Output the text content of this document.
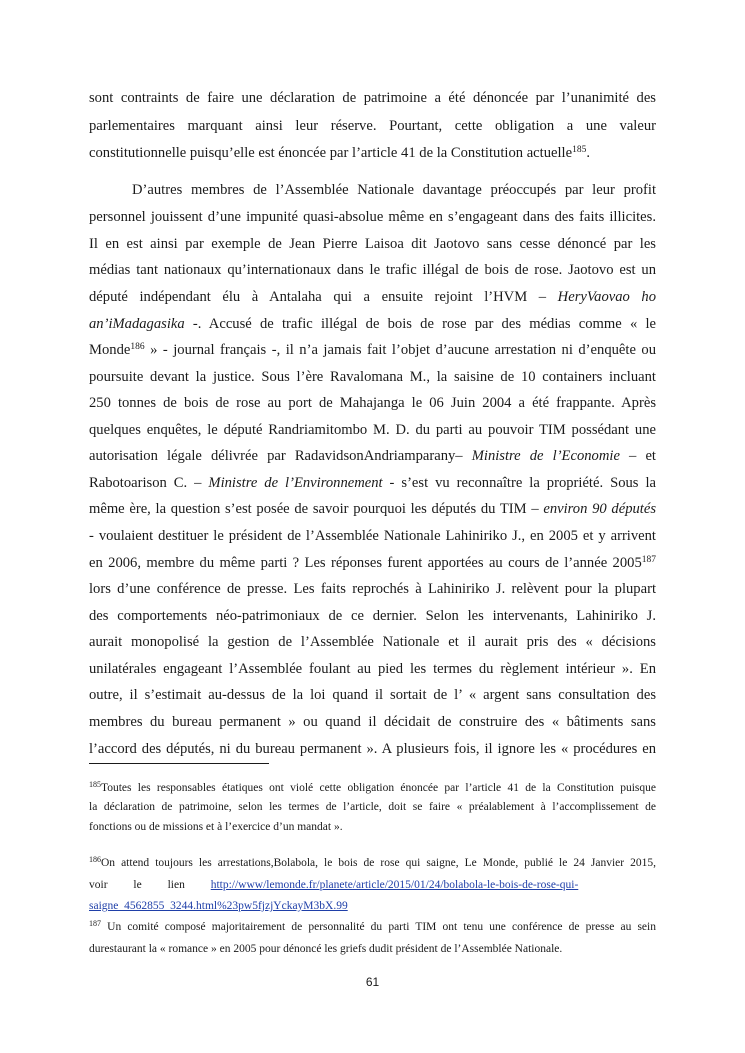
sont contraints de faire une déclaration de patrimoine a été dénoncée par l’unanimité des

parlementaires marquant ainsi leur réserve. Pourtant, cette obligation a une valeur

constitutionnelle puisqu’elle est énoncée par l’article 41 de la Constitution actuelle$^{185}$.

D’autres membres de l’Assemblée Nationale davantage préoccupés par leur profit

personnel jouissent d’une impunité quasi-absolue même en s’engageant dans des faits illicites.

Il en est ainsi par exemple de Jean Pierre Laisoa dit Jaotovo sans cesse dénoncé par les

médias tant nationaux qu’internationaux dans le trafic illégal de bois de rose. Jaotovo est un

député indépendant élu à Antalaha qui a ensuite rejoint l’HVM – HeryVaovao ho

an’iMadagasika -. Accusé de trafic illégal de bois de rose par des médias comme « le

Monde$^{186}$ » - journal français -, il n’a jamais fait l’objet d’aucune arrestation ni d’enquête ou

poursuite devant la justice. Sous l’ère Ravalomana M., la saisine de 10 containers incluant

250 tonnes de bois de rose au port de Mahajanga le 06 Juin 2004 a été frappante. Après

quelques enquêtes, le député Randriamitombo M. D. du parti au pouvoir TIM possédant une

autorisation légale délivrée par RadavidsonAndriamparany– Ministre de l’Economie – et

Rabotoarison C. – Ministre de l’Environnement - s’est vu reconnaître la propriété. Sous la

même ère, la question s’est posée de savoir pourquoi les députés du TIM – environ 90 députés

- voulaient destituer le président de l’Assemblée Nationale Lahiniriko J., en 2005 et y arrivent

en 2006, membre du même parti ? Les réponses furent apportées au cours de l’année 2005$^{187}$

lors d’une conférence de presse. Les faits reprochés à Lahiniriko J. relèvent pour la plupart

des comportements néo-patrimoniaux de ce dernier. Selon les intervenants, Lahiniriko J.

aurait monopolisé la gestion de l’Assemblée Nationale et il aurait pris des « décisions

unilatérales engageant l’Assemblée foulant au pied les termes du règlement intérieur ». En

outre, il s’estimait au-dessus de la loi quand il sortait de l’ « argent sans consultation des

membres du bureau permanent » ou quand il décidait de construire des « bâtiments sans

l’accord des députés, ni du bureau permanent ». A plusieurs fois, il ignore les « procédures en

$^{185}$Toutes les responsables étatiques ont violé cette obligation énoncée par l’article 41 de la Constitution puisque

la déclaration de patrimoine, selon les termes de l’article, doit se faire « préalablement à l’accomplissement de

fonctions ou de missions et à l’exercice d’un mandat ».

$^{186}$On attend toujours les arrestations,Bolabola, le bois de rose qui saigne, Le Monde, publié le 24 Janvier 2015,

voir         le         lien         http://www/lemonde.fr/planete/article/2015/01/24/bolabola-le-bois-de-rose-qui-

saigne_4562855_3244.html%23pw5fjzjYckayM3bX.99

$^{187}$ Un comité composé majoritairement de personnalité du parti TIM ont tenu une conférence de presse au sein

durestaurant la « romance » en 2005 pour dénoncé les griefs dudit président de l’Assemblée Nationale.

61
